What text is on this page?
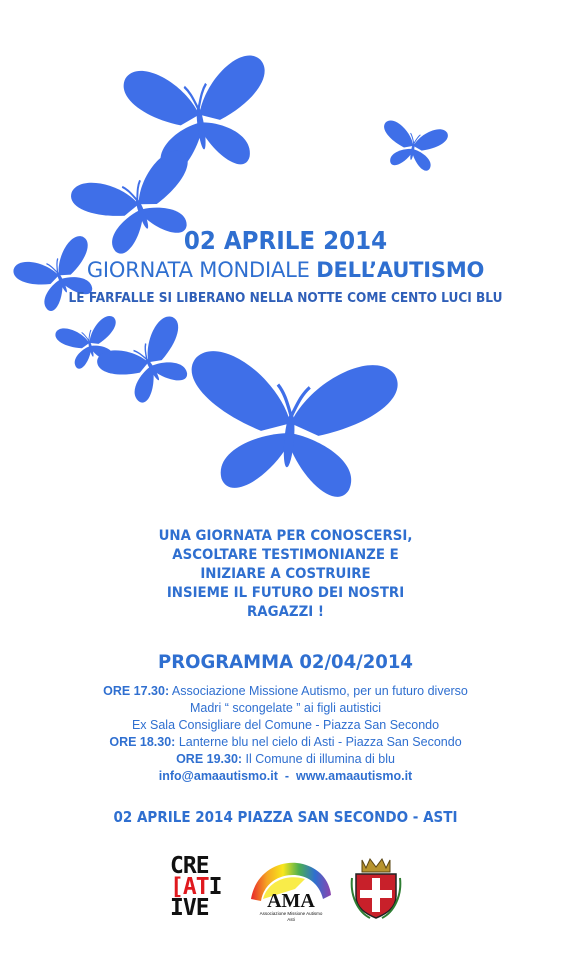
02 APRILE 2014
GIORNATA MONDIALE DELL’AUTISMO
LE FARFALLE SI LIBERANO NELLA NOTTE COME CENTO LUCI BLU
UNA GIORNATA PER CONOSCERSI,
ASCOLTARE TESTIMONIANZE E
INIZIARE A COSTRUIRE
INSIEME IL FUTURO DEI NOSTRI
RAGAZZI !
PROGRAMMA 02/04/2014
ORE 17.30: Associazione Missione Autismo, per un futuro diverso
Madri “ scongelate ” ai figli autistici
Ex Sala Consigliare del Comune - Piazza San Secondo
ORE 18.30: Lanterne blu nel cielo di Asti - Piazza San Secondo
ORE 19.30: Il Comune di illumina di blu
info@amaautismo.it  -  www.amaautismo.it
02 APRILE 2014 PIAZZA SAN SECONDO - ASTI
CRE
[ATI
IVE	AMA
Associazione Missione Autismo
Asti
